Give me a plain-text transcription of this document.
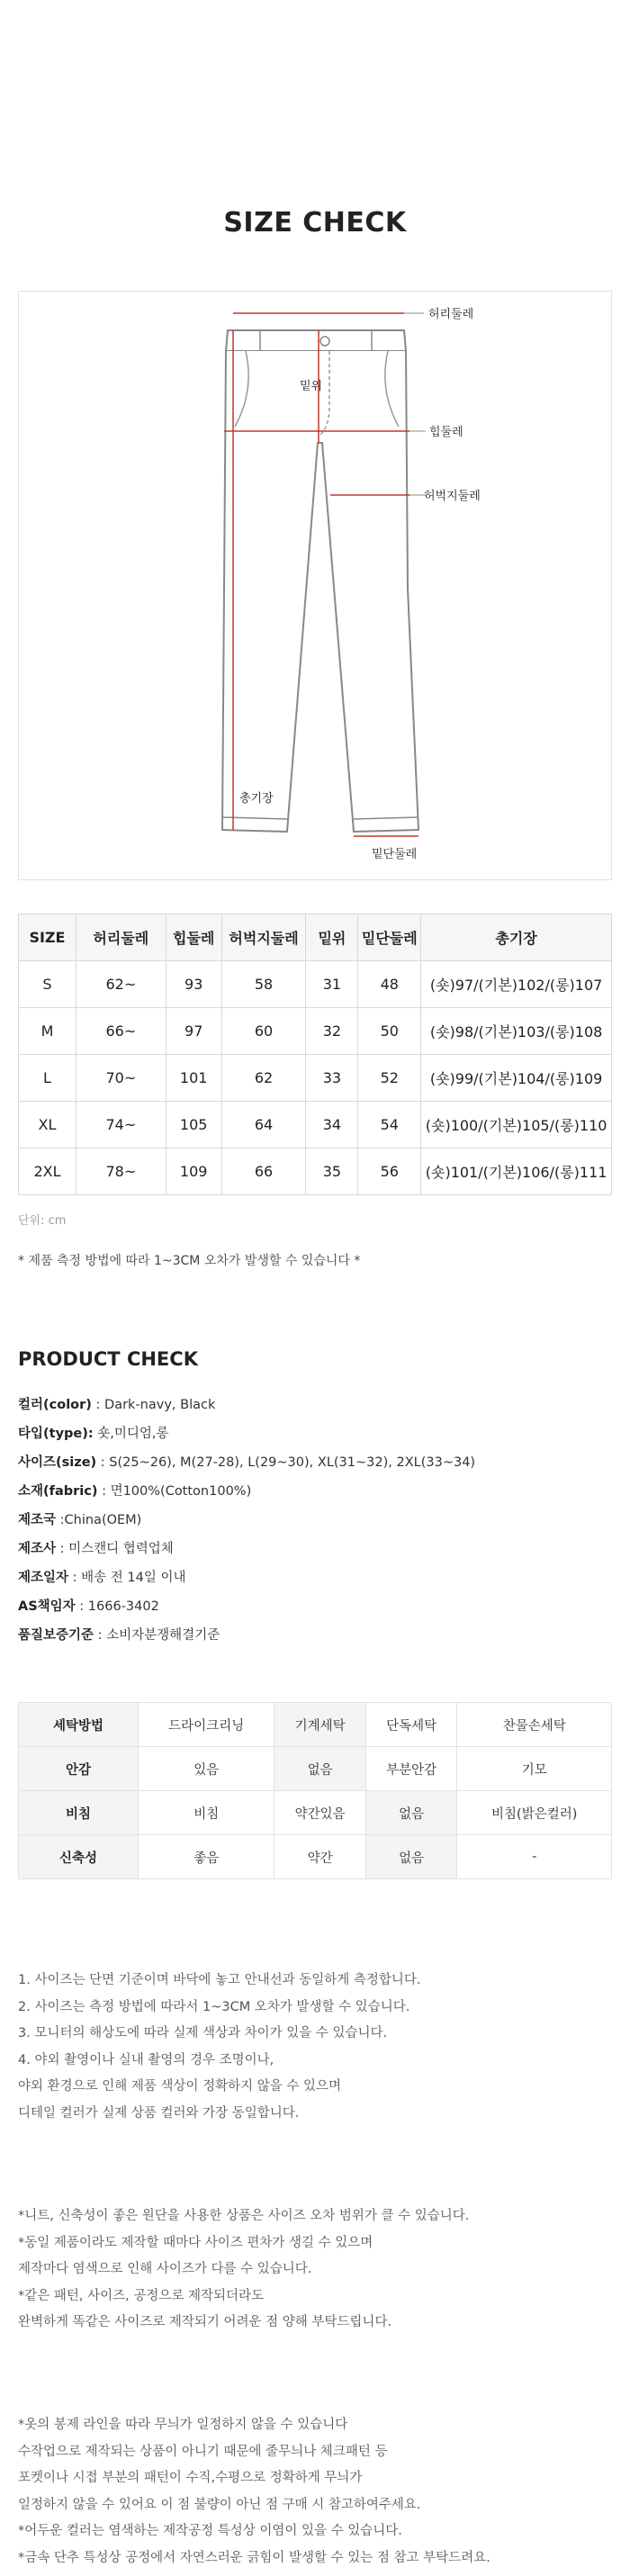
SIZE CHECK
허리둘레
밑위
힙둘레
허벅지둘레
총기장
밑단둘레
SIZE	허리둘레	힙둘레	허벅지둘레	밑위	밑단둘레	총기장
S	62~	93	58	31	48	(숏)97/(기본)102/(롱)107
M	66~	97	60	32	50	(숏)98/(기본)103/(롱)108
L	70~	101	62	33	52	(숏)99/(기본)104/(롱)109
XL	74~	105	64	34	54	(숏)100/(기본)105/(롱)110
2XL	78~	109	66	35	56	(숏)101/(기본)106/(롱)111
단위: cm
* 제품 측정 방법에 따라 1~3CM 오차가 발생할 수 있습니다 *
PRODUCT CHECK
컬러(color) : Dark-navy, Black
타입(type): 숏,미디엄,롱
사이즈(size) : S(25~26), M(27-28), L(29~30), XL(31~32), 2XL(33~34)
소재(fabric) : 면100%(Cotton100%)
제조국 :China(OEM)
제조사 : 미스캔디 협력업체
제조일자 : 배송 전 14일 이내
AS책임자 : 1666-3402
품질보증기준 : 소비자분쟁해결기준
세탁방법	드라이크리닝	기계세탁	단독세탁	찬물손세탁
안감	있음	없음	부분안감	기모
비침	비침	약간있음	없음	비침(밝은컬러)
신축성	좋음	약간	없음	-

1. 사이즈는 단면 기준이며 바닥에 놓고 안내선과 동일하게 측정합니다.

2. 사이즈는 측정 방법에 따라서 1~3CM 오차가 발생할 수 있습니다.

3. 모니터의 해상도에 따라 실제 색상과 차이가 있을 수 있습니다.

4. 야외 촬영이나 실내 촬영의 경우 조명이나,

야외 환경으로 인해 제품 색상이 정확하지 않을 수 있으며

디테일 컬러가 실제 상품 컬러와 가장 동일합니다.

*니트, 신축성이 좋은 원단을 사용한 상품은 사이즈 오차 범위가 클 수 있습니다.

*동일 제품이라도 제작할 때마다 사이즈 편차가 생길 수 있으며

제작마다 염색으로 인해 사이즈가 다를 수 있습니다.

*같은 패턴, 사이즈, 공정으로 제작되더라도

완벽하게 똑같은 사이즈로 제작되기 어려운 점 양해 부탁드립니다.

*옷의 봉제 라인을 따라 무늬가 일정하지 않을 수 있습니다

수작업으로 제작되는 상품이 아니기 때문에 줄무늬나 체크패턴 등

포켓이나 시접 부분의 패턴이 수직,수평으로 정확하게 무늬가

일정하지 않을 수 있어요 이 점 불량이 아닌 점 구매 시 참고하여주세요.

*어두운 컬러는 염색하는 제작공정 특성상 이염이 있을 수 있습니다.

*금속 단추 특성상 공정에서 자연스러운 긁힘이 발생할 수 있는 점 참고 부탁드려요.
